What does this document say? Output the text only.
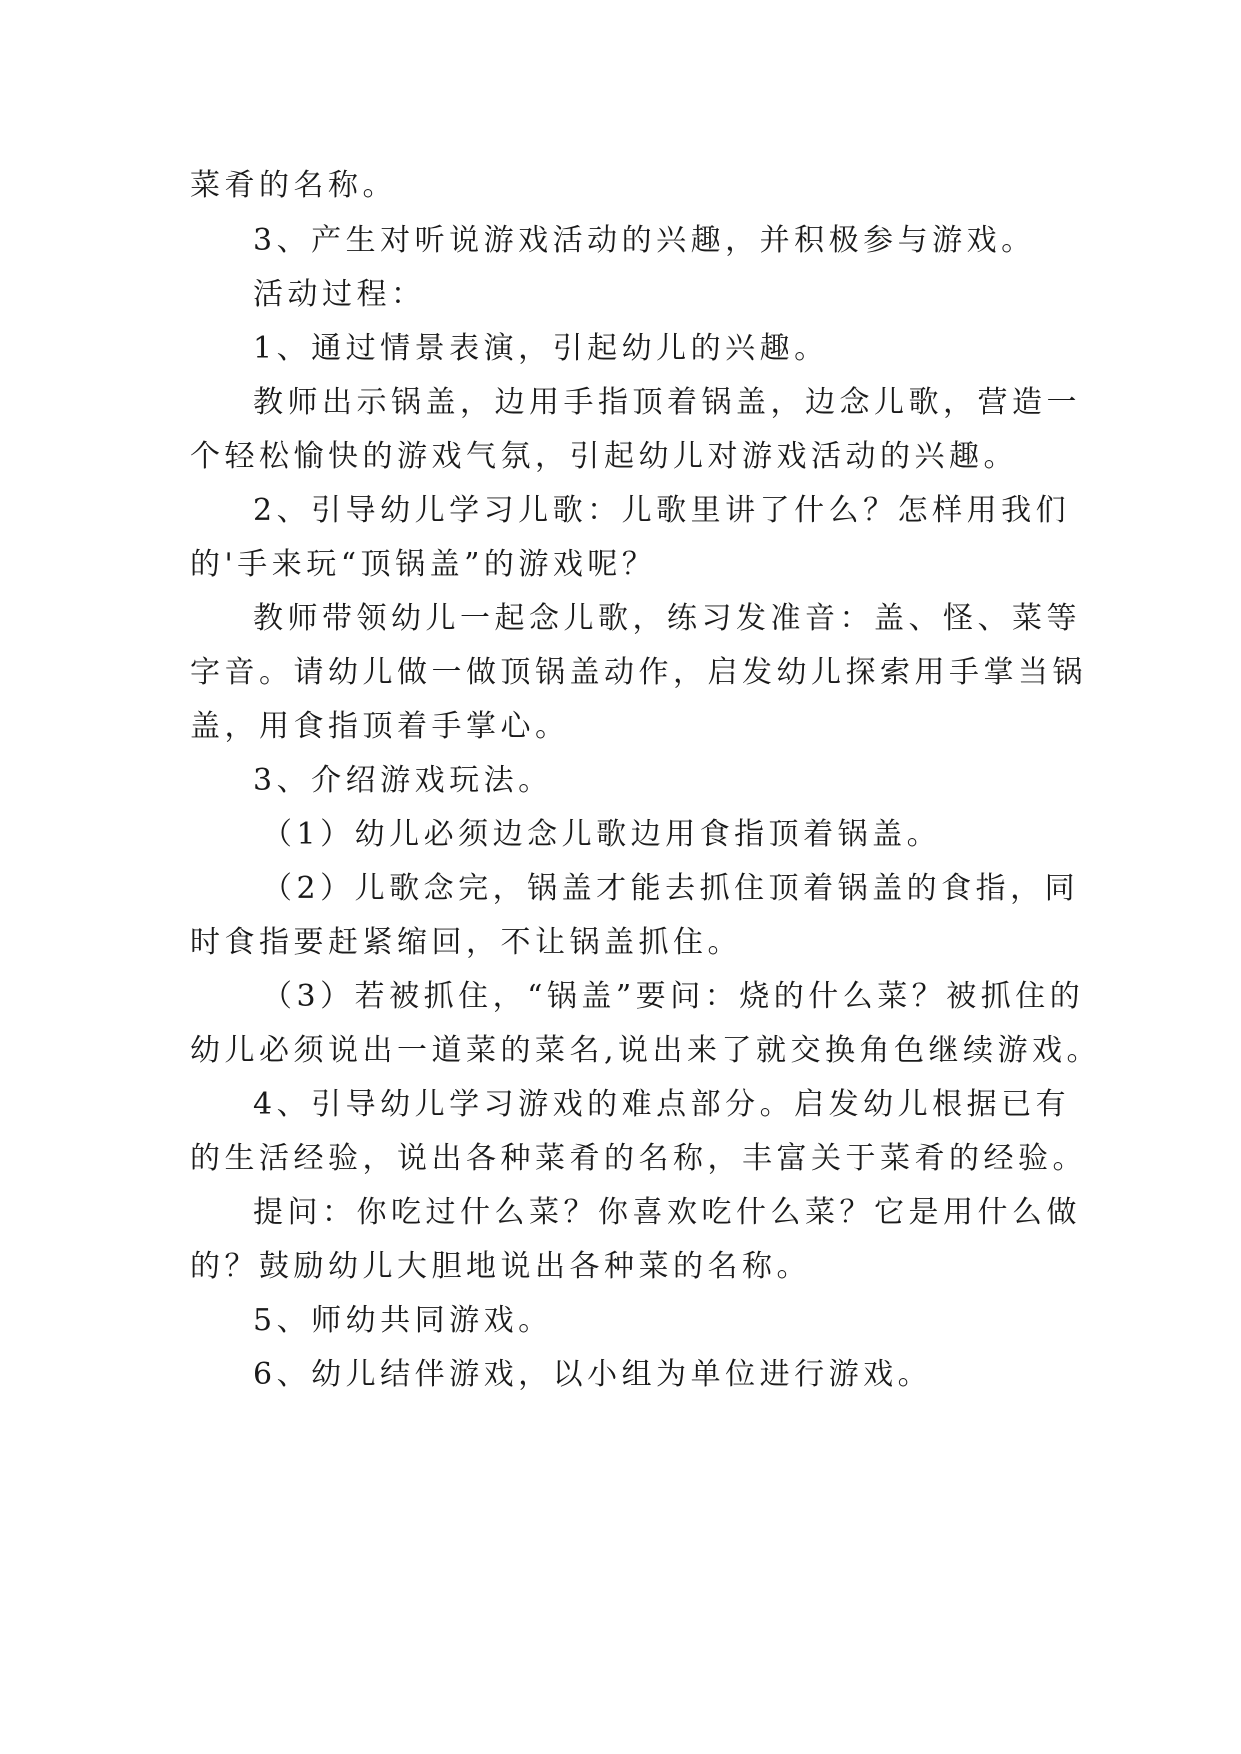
菜肴的名称。
3、产生对听说游戏活动的兴趣，并积极参与游戏。
活动过程：
1、通过情景表演，引起幼儿的兴趣。
教师出示锅盖，边用手指顶着锅盖，边念儿歌，营造一
个轻松愉快的游戏气氛，引起幼儿对游戏活动的兴趣。
2、引导幼儿学习儿歌：儿歌里讲了什么？怎样用我们
的'手来玩“顶锅盖”的游戏呢？
教师带领幼儿一起念儿歌，练习发准音：盖、怪、菜等
字音。请幼儿做一做顶锅盖动作，启发幼儿探索用手掌当锅
盖，用食指顶着手掌心。
3、介绍游戏玩法。
（1）幼儿必须边念儿歌边用食指顶着锅盖。
（2）儿歌念完，锅盖才能去抓住顶着锅盖的食指，同
时食指要赶紧缩回，不让锅盖抓住。
（3）若被抓住，“锅盖”要问：烧的什么菜？被抓住的
幼儿必须说出一道菜的菜名,说出来了就交换角色继续游戏。
4、引导幼儿学习游戏的难点部分。启发幼儿根据已有
的生活经验，说出各种菜肴的名称，丰富关于菜肴的经验。
提问：你吃过什么菜？你喜欢吃什么菜？它是用什么做
的？鼓励幼儿大胆地说出各种菜的名称。
5、师幼共同游戏。
6、幼儿结伴游戏，以小组为单位进行游戏。
